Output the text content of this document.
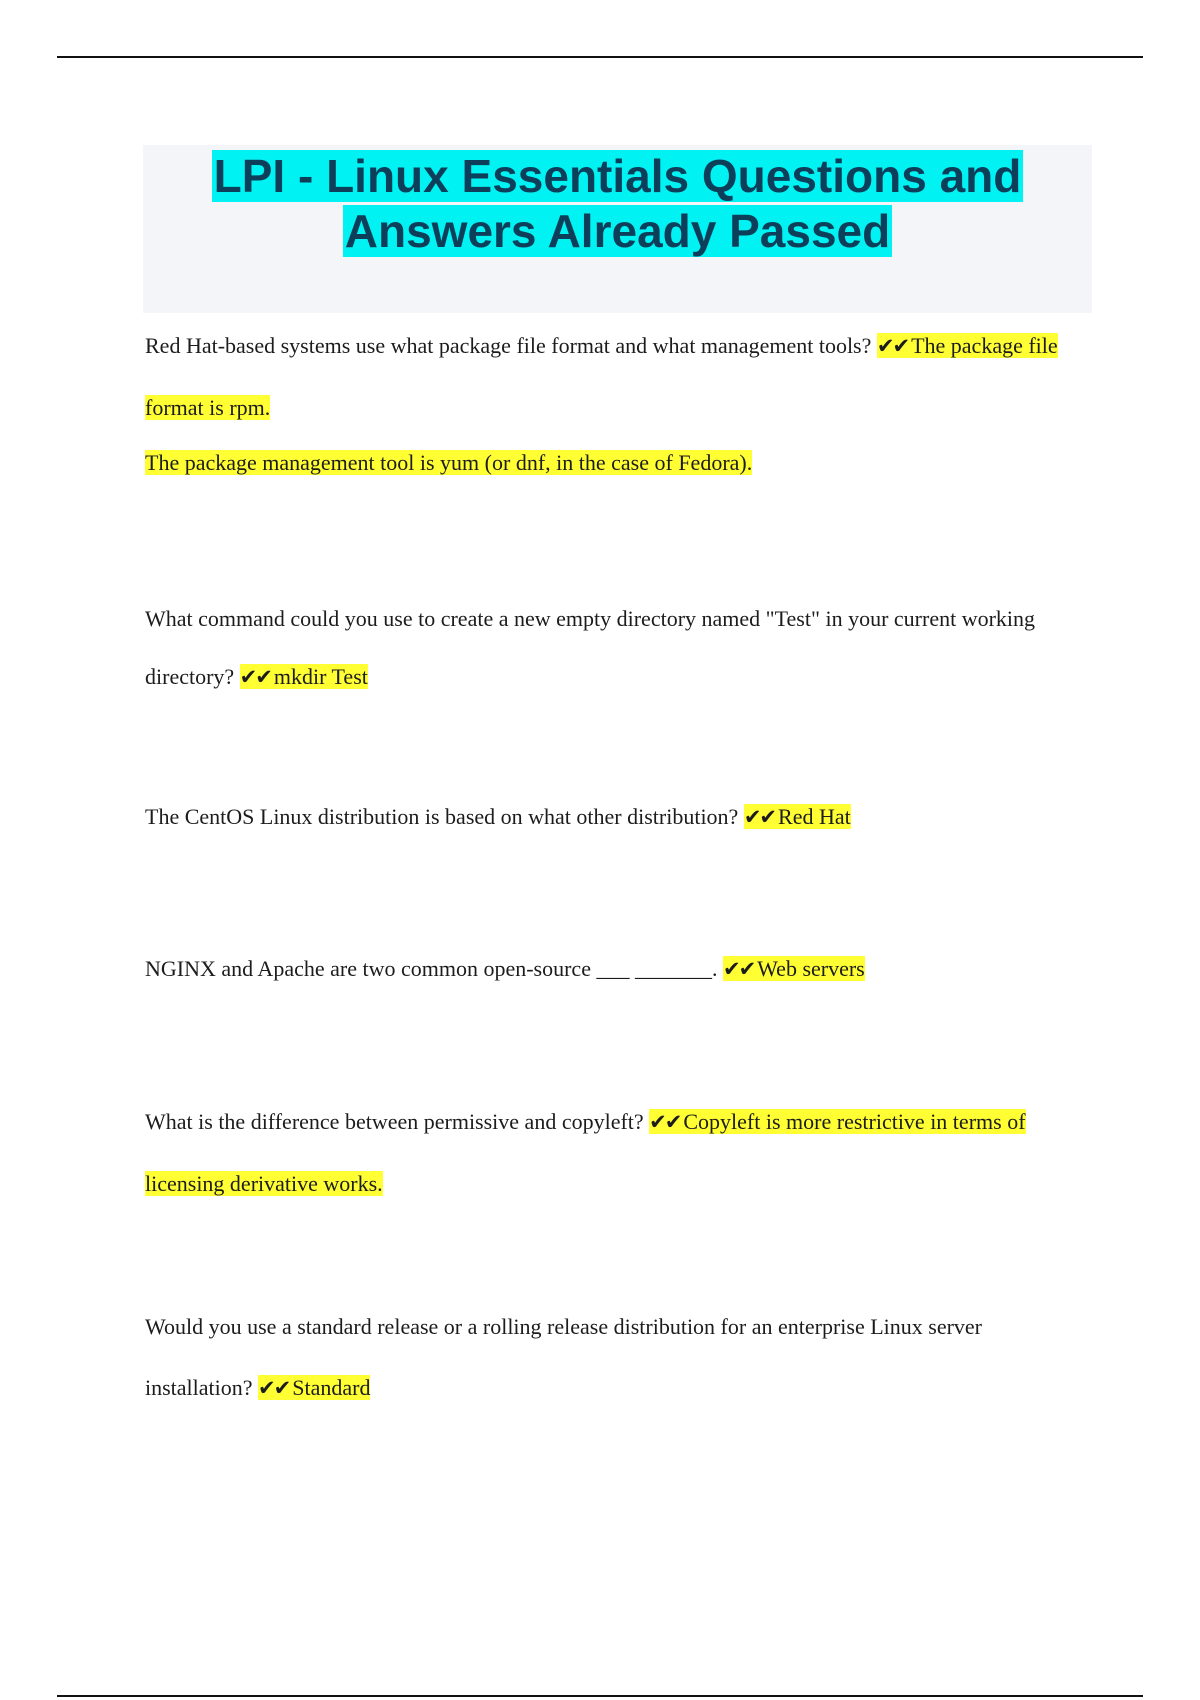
LPI - Linux Essentials Questions and
Answers Already Passed

Red Hat-based systems use what package file format and what management tools? ✔✔ The package file format is rpm.

The package management tool is yum (or dnf, in the case of Fedora).

What command could you use to create a new empty directory named "Test" in your current working directory? ✔✔ mkdir Test

The CentOS Linux distribution is based on what other distribution? ✔✔ Red Hat

NGINX and Apache are two common open-source ___ _______. ✔✔ Web servers

What is the difference between permissive and copyleft? ✔✔ Copyleft is more restrictive in terms of licensing derivative works.

Would you use a standard release or a rolling release distribution for an enterprise Linux server installation? ✔✔ Standard
